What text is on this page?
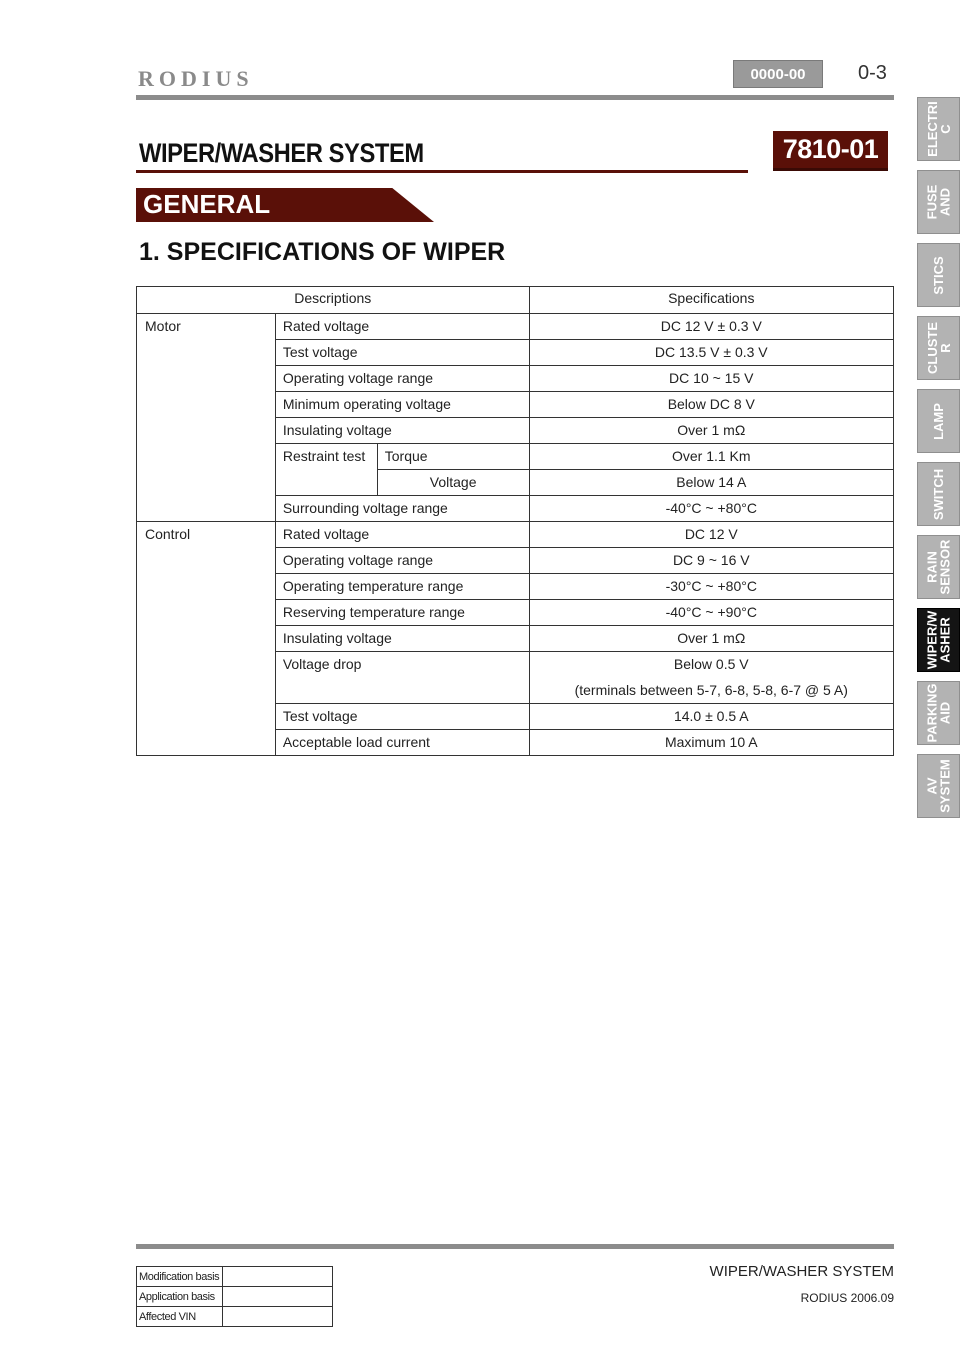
RODIUS	0000-00	0-3
WIPER/WASHER SYSTEM	7810-01
GENERAL
1. SPECIFICATIONS OF WIPER
Descriptions			Specifications
Motor	Rated voltage		DC 12 V ± 0.3 V
	Test voltage		DC 13.5 V ± 0.3 V
	Operating voltage range		DC 10 ~ 15 V
	Minimum operating voltage		Below DC 8 V
	Insulating voltage		Over 1 mΩ
	Restraint test	Torque	Over 1.1 Km
		Voltage	Below 14 A
	Surrounding voltage range		-40°C ~ +80°C
Control	Rated voltage		DC 12 V
	Operating voltage range		DC 9 ~ 16 V
	Operating temperature range		-30°C ~ +80°C
	Reserving temperature range		-40°C ~ +90°C
	Insulating voltage		Over 1 mΩ
	Voltage drop		Below 0.5 V
			(terminals between 5-7, 6-8, 5-8, 6-7 @ 5 A)
	Test voltage		14.0 ± 0.5 A
	Acceptable load current		Maximum 10 A
ELECTRI
C
FUSE
AND
STICS
CLUSTE
R
LAMP
SWITCH
RAIN
SENSOR
WIPER/W
ASHER
PARKING
AID
AV
SYSTEM
Modification basis	
Application basis	
Affected VIN	
WIPER/WASHER SYSTEM
RODIUS 2006.09
